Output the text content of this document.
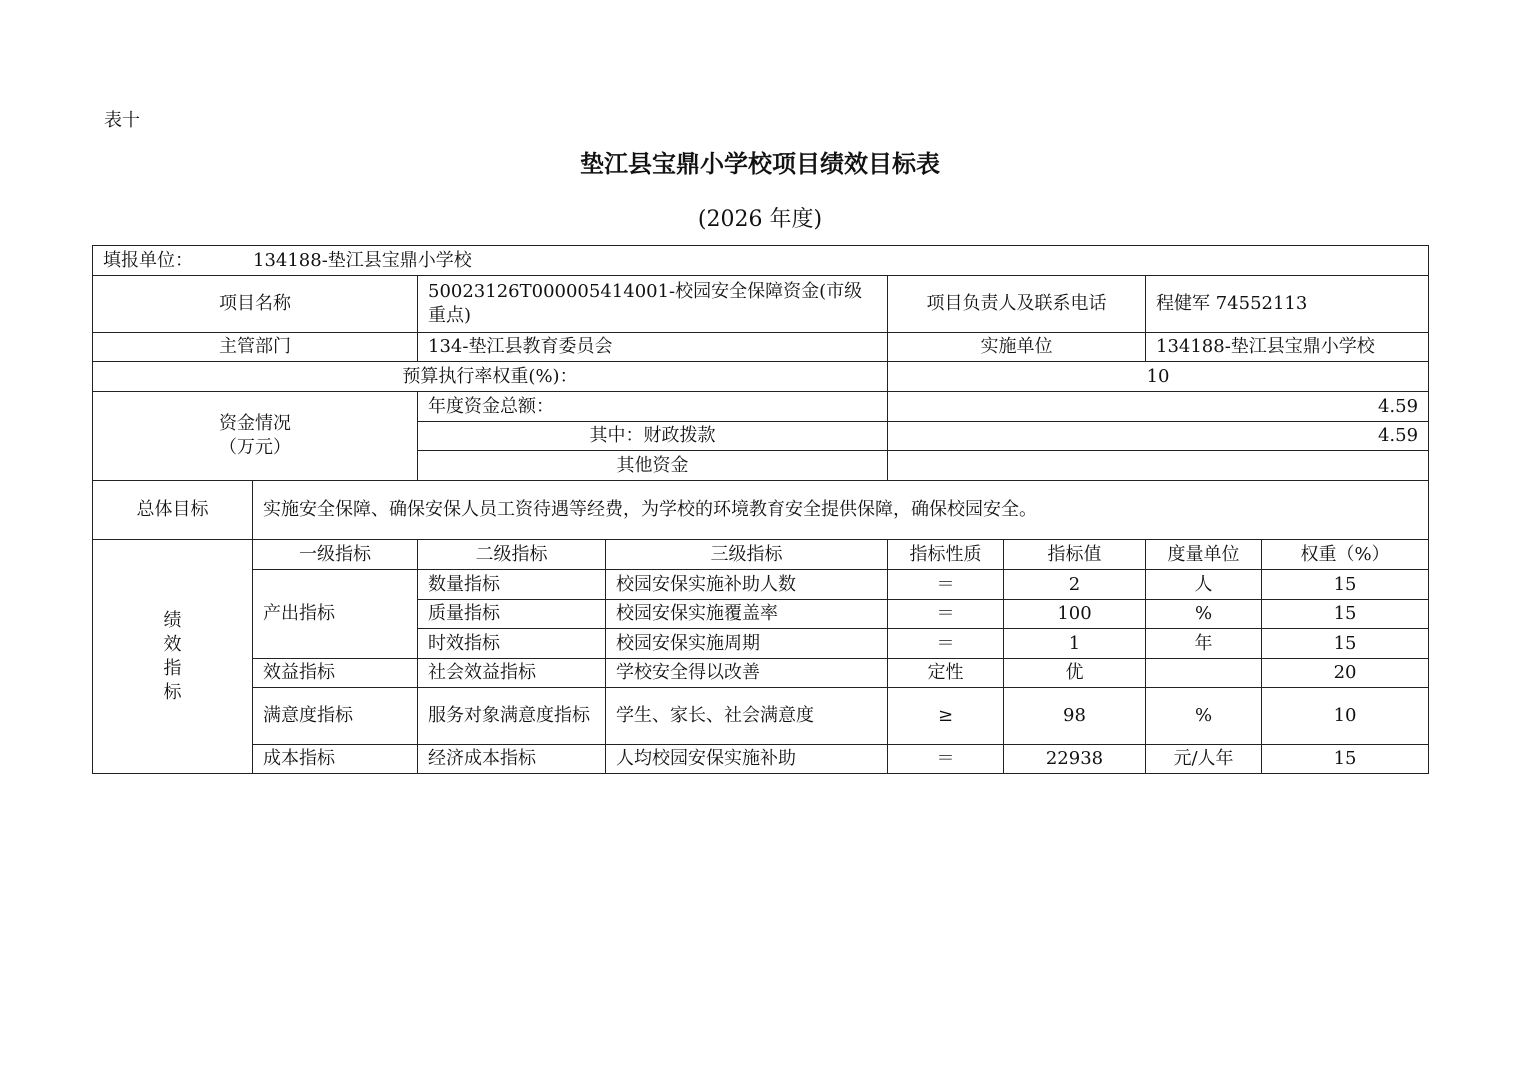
表十
垫江县宝鼎小学校项目绩效目标表
(2026 年度)
填报单位： 134188-垫江县宝鼎小学校							
项目名称		50023126T000005414001-校园安全保障资金(市级重点)		项目负责人及联系电话		程健军 74552113	
主管部门		134-垫江县教育委员会		实施单位		134188-垫江县宝鼎小学校	
预算执行率权重(%)：				10			

资金情况
（万元）		年度资金总额：		4.59			
		其中：财政拨款		4.59			
		其他资金					
总体目标	实施安全保障、确保安保人员工资待遇等经费，为学校的环境教育安全提供保障，确保校园安全。						

绩
效
指
标	一级指标	二级指标	三级指标	指标性质	指标值	度量单位	权重（%）
	产出指标	数量指标	校园安保实施补助人数	＝	2	人	15
		质量指标	校园安保实施覆盖率	＝	100	%	15
		时效指标	校园安保实施周期	＝	1	年	15
	效益指标	社会效益指标	学校安全得以改善	定性	优		20
	满意度指标	服务对象满意度指标	学生、家长、社会满意度	≥	98	%	10
	成本指标	经济成本指标	人均校园安保实施补助	＝	22938	元/人年	15
